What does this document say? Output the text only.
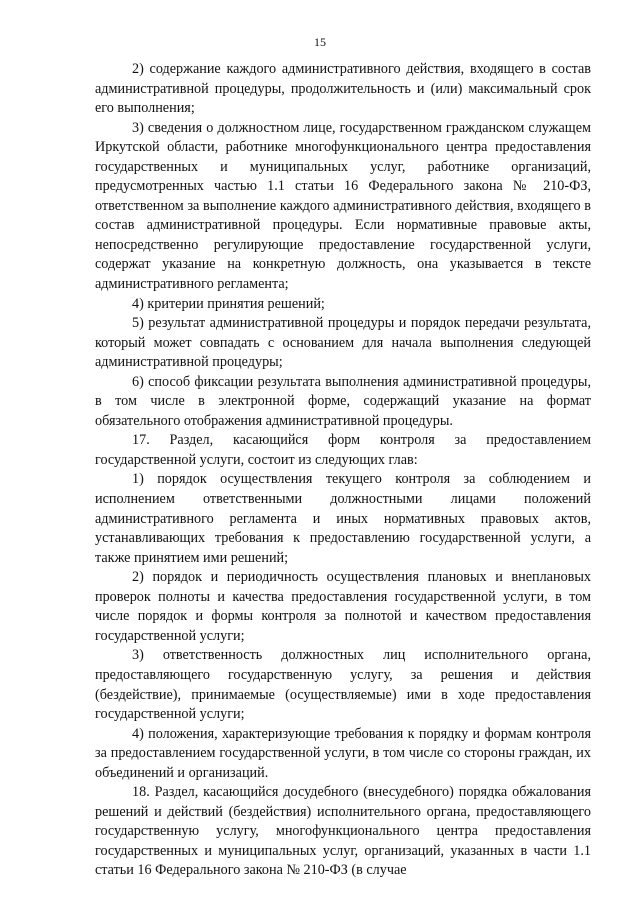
15

2) содержание каждого административного действия, входящего в состав административной процедуры, продолжительность и (или) максимальный срок его выполнения;

3) сведения о должностном лице, государственном гражданском служащем Иркутской области, работнике многофункционального центра предоставления государственных и муниципальных услуг, работнике организаций, предусмотренных частью 1.1 статьи 16 Федерального закона № 210-ФЗ, ответственном за выполнение каждого административного действия, входящего в состав административной процедуры. Если нормативные правовые акты, непосредственно регулирующие предоставление государственной услуги, содержат указание на конкретную должность, она указывается в тексте административного регламента;

4) критерии принятия решений;

5) результат административной процедуры и порядок передачи результата, который может совпадать с основанием для начала выполнения следующей административной процедуры;

6) способ фиксации результата выполнения административной процедуры, в том числе в электронной форме, содержащий указание на формат обязательного отображения административной процедуры.

17. Раздел, касающийся форм контроля за предоставлением государственной услуги, состоит из следующих глав:

1) порядок осуществления текущего контроля за соблюдением и исполнением ответственными должностными лицами положений административного регламента и иных нормативных правовых актов, устанавливающих требования к предоставлению государственной услуги, а также принятием ими решений;

2) порядок и периодичность осуществления плановых и внеплановых проверок полноты и качества предоставления государственной услуги, в том числе порядок и формы контроля за полнотой и качеством предоставления государственной услуги;

3) ответственность должностных лиц исполнительного органа, предоставляющего государственную услугу, за решения и действия (бездействие), принимаемые (осуществляемые) ими в ходе предоставления государственной услуги;

4) положения, характеризующие требования к порядку и формам контроля за предоставлением государственной услуги, в том числе со стороны граждан, их объединений и организаций.

18. Раздел, касающийся досудебного (внесудебного) порядка обжалования решений и действий (бездействия) исполнительного органа, предоставляющего государственную услугу, многофункционального центра предоставления государственных и муниципальных услуг, организаций, указанных в части 1.1 статьи 16 Федерального закона № 210-ФЗ (в случае
